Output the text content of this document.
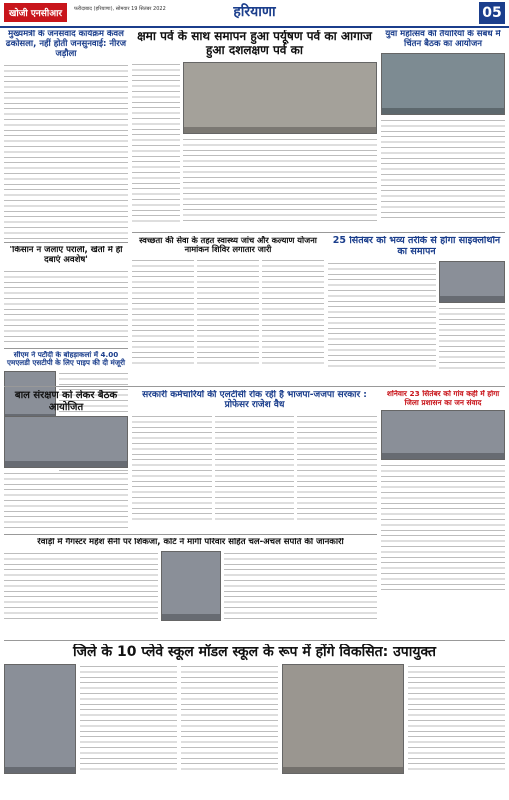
खोजी एनसीआर	फरीदाबाद (हरियाणा), सोमवार 19 सितंबर 2022	हरियाणा	05
मुख्यमंत्री के जनसंवाद कार्यक्रम केवल ढकोसला, नहीं होती जनसुनवाई: नीरज जड़ौला
'किसान न जलाएं पराली, खेतों में ही दबाएं अवशेष'
सीएम ने पटौदी के बोहड़ाकलां में 4.00 एमएलडी एसटीपी के लिए पाइप की दी मंजूरी
क्षमा पर्व के साथ समापन हुआ पर्यूषण पर्व का आगाज हुआ दशलक्षण पर्व का
युवा महोत्सव की तैयारियों के संबंध में चिंतन बैठक का आयोजन
स्वच्छता की सेवा के तहत स्वास्थ्य जांच और कल्याण योजना नामांकन शिविर लगातार जारी
25 सितंबर को भव्य तरीके से होगा साइक्लोथॉन का समापन
बाल संरक्षण को लेकर बैठक आयोजित
सरकारी कर्मचारियों की एलटीसी रोक रही है भाजपा-जजपा सरकार : प्रोफेसर राजेश वैध
शनिवार 23 सितंबर को गांव कही में होगा जिला प्रशासन का जन संवाद
रेवाड़ी में गैंगस्टर महेश सैनी पर शिकंजा, कोर्ट ने मांगी परिवार सहित चल-अचल संपति की जानकारी
जिले के 10 प्लेवे स्कूल मॉडल स्कूल के रूप में होंगे विकसित: उपायुक्त
